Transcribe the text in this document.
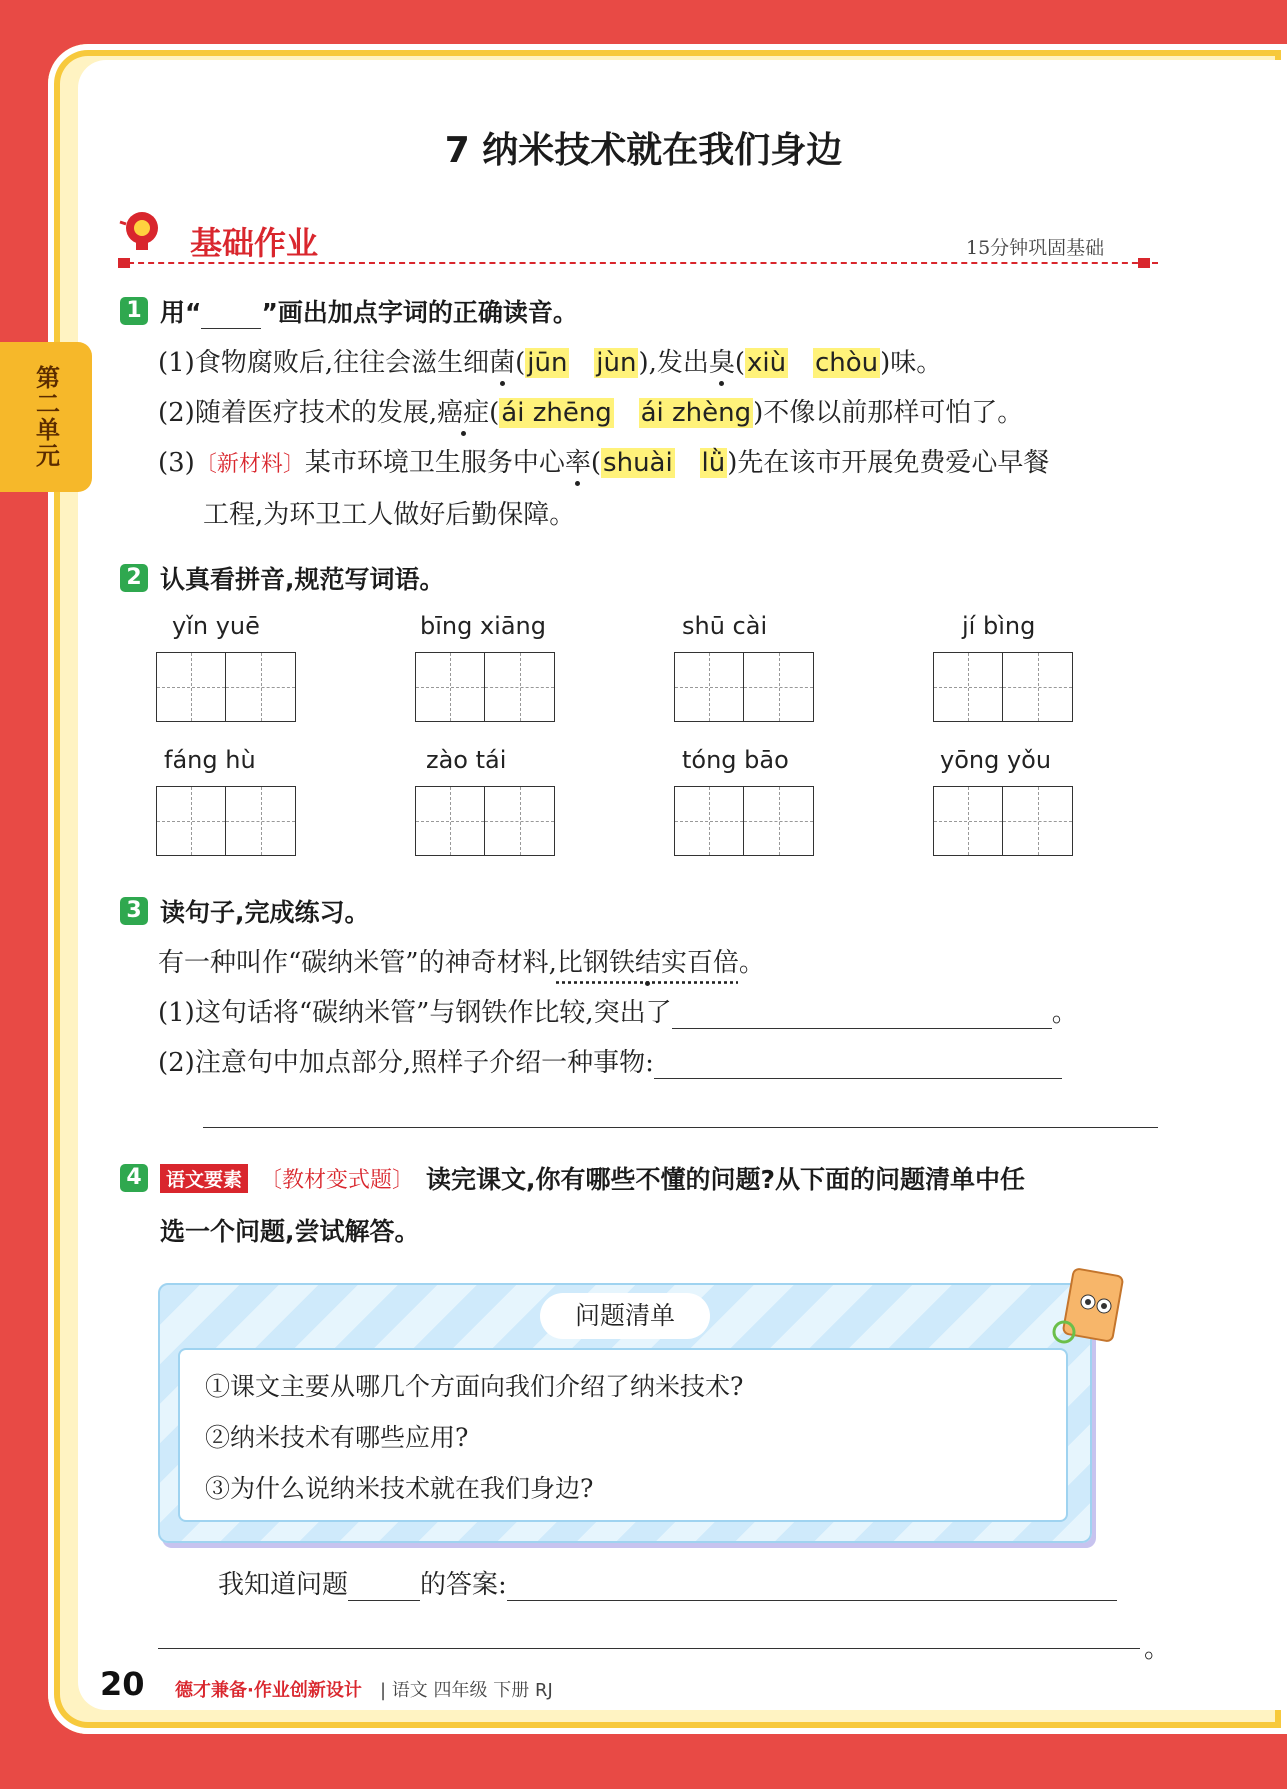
第二单元
7 纳米技术就在我们身边
基础作业	15分钟巩固基础
1 用“ ”画出加点字词的正确读音。
(1)食物腐败后,往往会滋生细菌(jūn jùn),发出臭(xiù chòu)味。
(2)随着医疗技术的发展,癌症(ái zhēng ái zhèng)不像以前那样可怕了。
(3)〔新材料〕某市环境卫生服务中心率(shuài lǜ)先在该市开展免费爱心早餐
工程,为环卫工人做好后勤保障。
2 认真看拼音,规范写词语。
yǐn yuē	bīng xiāng	shū cài	jí bìng
fáng hù	zào tái	tóng bāo	yōng yǒu
3 读句子,完成练习。
有一种叫作“碳纳米管”的神奇材料,比钢铁结实百倍。
(1)这句话将“碳纳米管”与钢铁作比较,突出了	。
(2)注意句中加点部分,照样子介绍一种事物:
4	语文要素 〔教材变式题〕 读完课文,你有哪些不懂的问题?从下面的问题清单中任
选一个问题,尝试解答。
问题清单
①课文主要从哪几个方面向我们介绍了纳米技术?
②纳米技术有哪些应用?
③为什么说纳米技术就在我们身边?
我知道问题	的答案:
。
20 德才兼备·作业创新设计 | 语文 四年级 下册 RJ
